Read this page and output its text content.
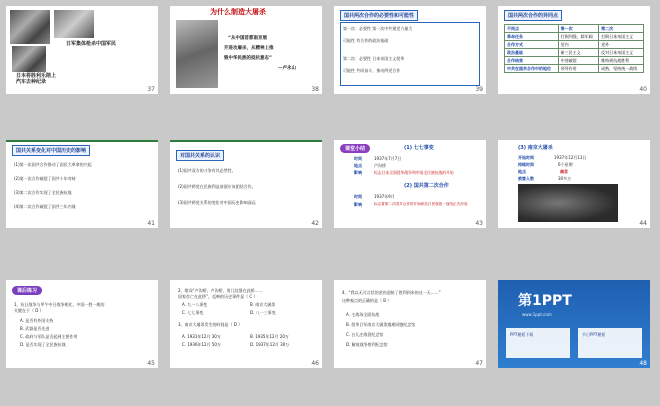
日军集体枪杀中国军民
日本将胜利乐陪上
汽车去种纪录
37
为什么制造大屠杀
“从中国首都南京展
开进攻屠杀，从精神上推
毁中华民族的抵抗意志”
—卢永山
38
国共两次合作的必要性和可能性
第一次：必要性 第一次中共建党力量大
可能性 有合作的政治基础
第二次：必要性 日本帝国主义侵华
可能性 共同奋斗，推动两党合作
39
国共两次合作的异同点
不同点	第一次	第二次
革命任务	打倒列强，除军阀	打倒日本帝国主义
合作方式	党内	党外
政治基础	新三民主义	反对日本帝国主义
合作结果	中途破裂	维持到抗战胜利
中共在国共合作中的地位	领导作用	成熟，坚持统一战线
40
国共关系变化对中国历史的影响
(1)第一次国共合作推动了国民大革命的兴起
(2)第一次合作破裂了国共十年对峙
(3)第二次合作实现了全民族抗战
(4)第二次合作破裂了国共三年内战
41
对国共关系的认识
(1)国共双方的斗争有其必然性，
(2)国共两党在民族利益前面应该团结合作，
(3)国共两党关系的变化对中国历史影响深远
42
课堂小结	(1) 七七事变
时间	1937年7月7日
地点	卢沟桥
影响	标志日本全面侵华战争和中国全民族抗战的开始
(2) 国共第二次合作
时间	1937年9月
影响	标志着第二次国共合作的开始和抗日民族统一战线正式形成
43
(3) 南京大屠杀
开始时间	1937年12月13日
持续时间	6个星期
地点	南京
被害人数	30多万
44
课后练习
1、抗日战争与甲午中日战争相比，中国一胜一败的
关键在于（ D ）
A. 是否有外国支持
B. 武器是否先进
C. 政府与军队是否起到主要作用
D. 是否实现了全民族抗战
45
2、歌词“卢沟桥，卢沟桥，男儿坟墓在此桥……
国家存亡在此桥”，反映的历史事件是（ C ）
A. 九一八事变	B. 南京大屠杀
C. 七七事变	D. 八一三事变
3、南京大屠杀发生的时间是（ D ）
A. 1931年12月 30万	B. 1935年12月 20万
C. 1936年12月 50万	D. 1937年12月 30万
46
4、“我以无可言状的悲伤迎接了胜利到来的这一天……”
这种观点的正确的是（ B ）
A. 主战场全面抗战
B. 侵华日军南京大屠杀遇难同胞纪念馆
C. 白儿庄战役纪念馆
D. 解放战争胜利纪念馆
47
第1PPT
www.1ppt.com
PPT模板下载	节日PPT模板
48
